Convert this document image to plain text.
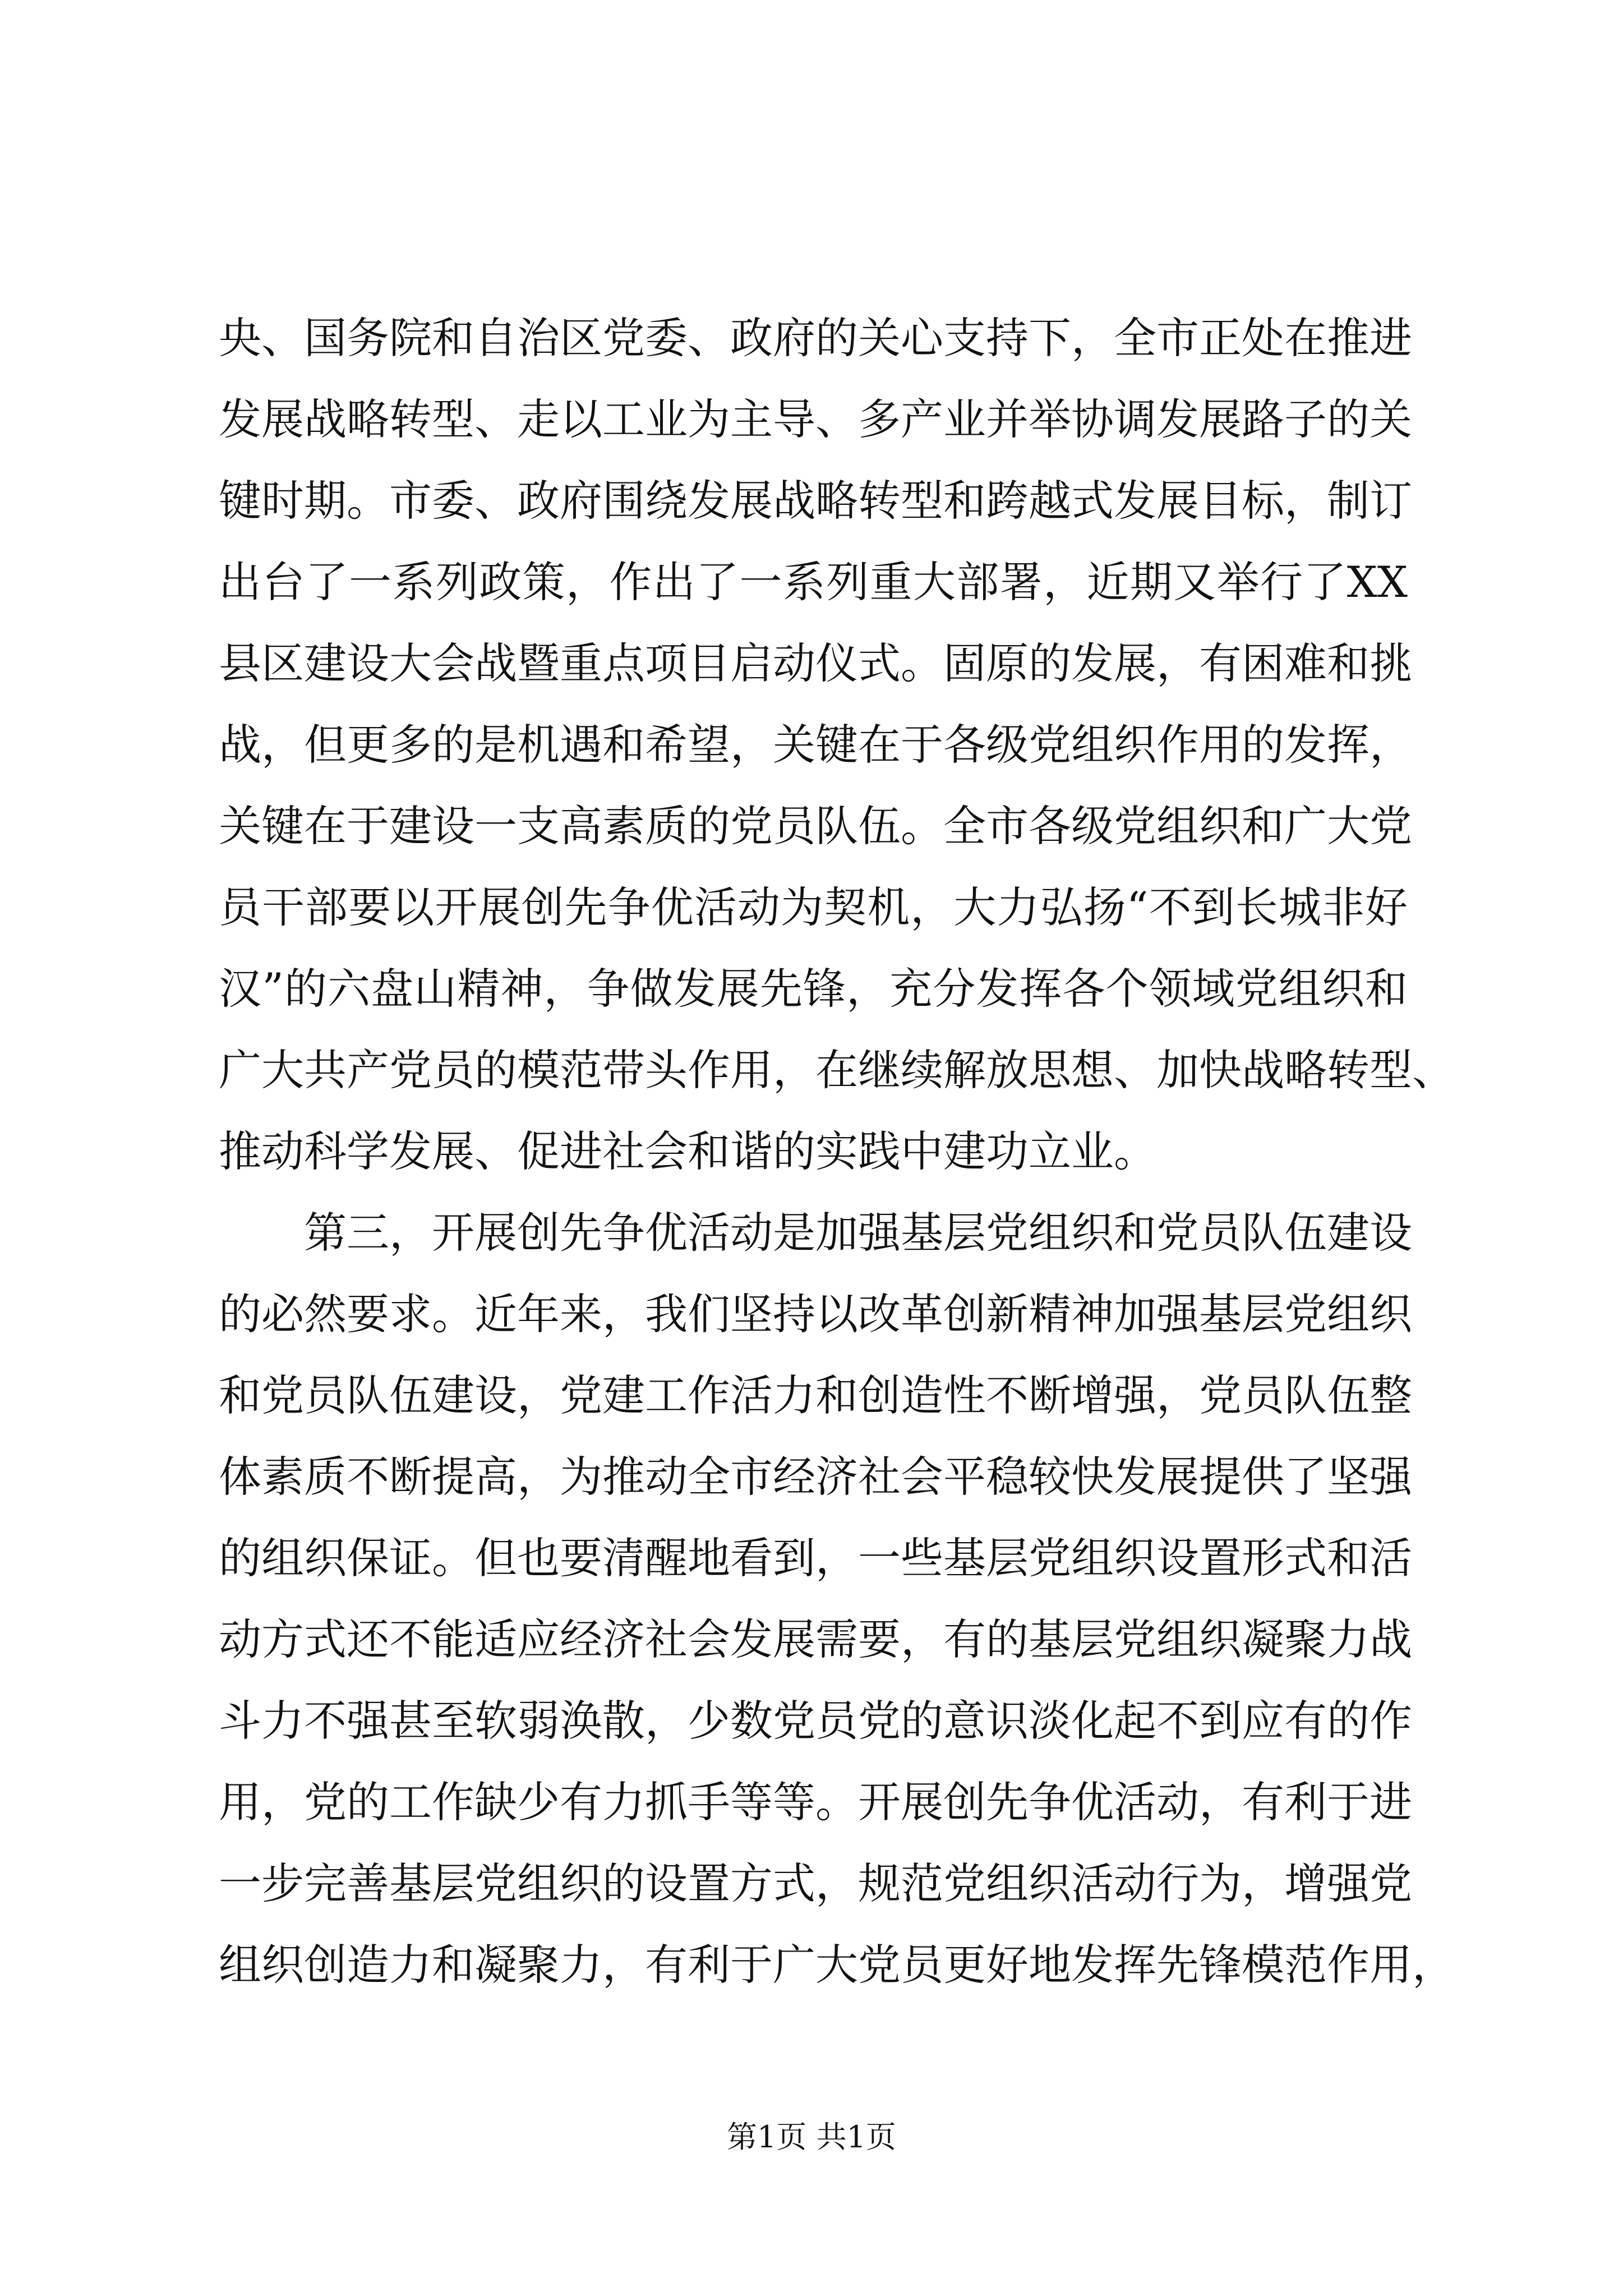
央、国务院和自治区党委、政府的关心支持下，全市正处在推进
发展战略转型、走以工业为主导、多产业并举协调发展路子的关
键时期。市委、政府围绕发展战略转型和跨越式发展目标，制订
出台了一系列政策，作出了一系列重大部署，近期又举行了XX
县区建设大会战暨重点项目启动仪式。固原的发展，有困难和挑
战，但更多的是机遇和希望，关键在于各级党组织作用的发挥，
关键在于建设一支高素质的党员队伍。全市各级党组织和广大党
员干部要以开展创先争优活动为契机，大力弘扬“不到长城非好
汉”的六盘山精神，争做发展先锋，充分发挥各个领域党组织和
广大共产党员的模范带头作用，在继续解放思想、加快战略转型、
推动科学发展、促进社会和谐的实践中建功立业。
第三，开展创先争优活动是加强基层党组织和党员队伍建设
的必然要求。近年来，我们坚持以改革创新精神加强基层党组织
和党员队伍建设，党建工作活力和创造性不断增强，党员队伍整
体素质不断提高，为推动全市经济社会平稳较快发展提供了坚强
的组织保证。但也要清醒地看到，一些基层党组织设置形式和活
动方式还不能适应经济社会发展需要，有的基层党组织凝聚力战
斗力不强甚至软弱涣散，少数党员党的意识淡化起不到应有的作
用，党的工作缺少有力抓手等等。开展创先争优活动，有利于进
一步完善基层党组织的设置方式，规范党组织活动行为，增强党
组织创造力和凝聚力，有利于广大党员更好地发挥先锋模范作用，
第1页 共1页
